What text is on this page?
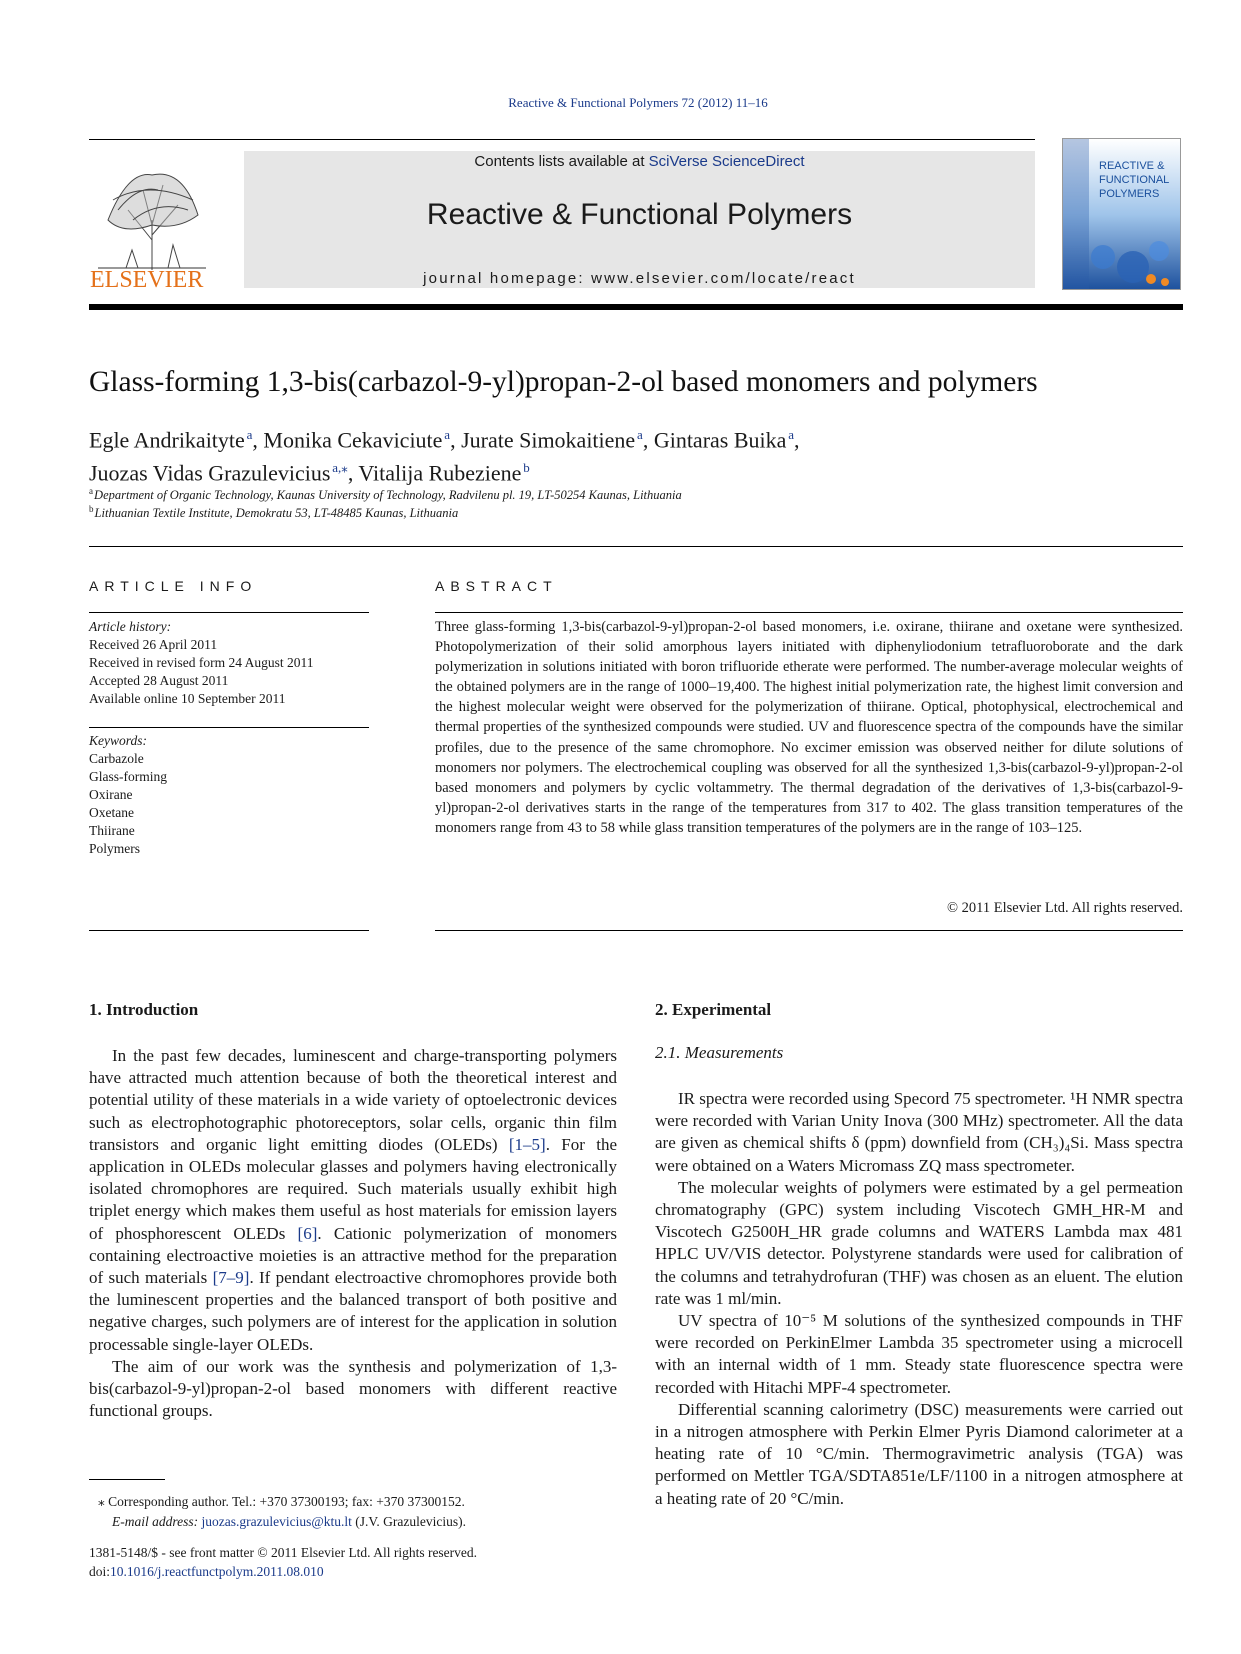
Reactive & Functional Polymers 72 (2012) 11–16
ELSEVIER
Contents lists available at SciVerse ScienceDirect
Reactive & Functional Polymers
journal homepage: www.elsevier.com/locate/react
REACTIVE &
FUNCTIONAL
POLYMERS
Glass-forming 1,3-bis(carbazol-9-yl)propan-2-ol based monomers and polymers
Egle Andrikaityte  $^a$, Monika Cekaviciute  $^a$, Jurate Simokaitiene  $^a$, Gintaras Buika  $^a$,
Juozas Vidas Grazulevicius  $^{a,⁎}$, Vitalija Rubeziene  $^b$
$^a$ Department of Organic Technology, Kaunas University of Technology, Radvilenu pl. 19, LT-50254 Kaunas, Lithuania
$^b$ Lithuanian Textile Institute, Demokratu 53, LT-48485 Kaunas, Lithuania
ARTICLE INFO
Article history:
Received 26 April 2011
Received in revised form 24 August 2011
Accepted 28 August 2011
Available online 10 September 2011
Keywords:
Carbazole
Glass-forming
Oxirane
Oxetane
Thiirane
Polymers
ABSTRACT
Three glass-forming 1,3-bis(carbazol-9-yl)propan-2-ol based monomers, i.e. oxirane, thiirane and oxetane were synthesized. Photopolymerization of their solid amorphous layers initiated with diphenyliodonium tetrafluoroborate and the dark polymerization in solutions initiated with boron trifluoride etherate were performed. The number-average molecular weights of the obtained polymers are in the range of 1000–19,400. The highest initial polymerization rate, the highest limit conversion and the highest molecular weight were observed for the polymerization of thiirane. Optical, photophysical, electrochemical and thermal properties of the synthesized compounds were studied. UV and fluorescence spectra of the compounds have the similar profiles, due to the presence of the same chromophore. No excimer emission was observed neither for dilute solutions of monomers nor polymers. The electrochemical coupling was observed for all the synthesized 1,3-bis(carbazol-9-yl)propan-2-ol based monomers and polymers by cyclic voltammetry. The thermal degradation of the derivatives of 1,3-bis(carbazol-9-yl)propan-2-ol derivatives starts in the range of the temperatures from 317 to 402. The glass transition temperatures of the monomers range from 43 to 58 while glass transition temperatures of the polymers are in the range of 103–125.
© 2011 Elsevier Ltd. All rights reserved.
1. Introduction

In the past few decades, luminescent and charge-transporting polymers have attracted much attention because of both the theoretical interest and potential utility of these materials in a wide variety of optoelectronic devices such as electrophotographic photoreceptors, solar cells, organic thin film transistors and organic light emitting diodes (OLEDs) [1–5]. For the application in OLEDs molecular glasses and polymers having electronically isolated chromophores are required. Such materials usually exhibit high triplet energy which makes them useful as host materials for emission layers of phosphorescent OLEDs [6]. Cationic polymerization of monomers containing electroactive moieties is an attractive method for the preparation of such materials [7–9]. If pendant electroactive chromophores provide both the luminescent properties and the balanced transport of both positive and negative charges, such polymers are of interest for the application in solution processable single-layer OLEDs.

The aim of our work was the synthesis and polymerization of 1,3-bis(carbazol-9-yl)propan-2-ol based monomers with different reactive functional groups.

⁎ Corresponding author. Tel.: +370 37300193; fax: +370 37300152.
E-mail address: juozas.grazulevicius@ktu.lt (J.V. Grazulevicius).
1381-5148/$ - see front matter © 2011 Elsevier Ltd. All rights reserved.
doi:10.1016/j.reactfunctpolym.2011.08.010
2. Experimental
2.1. Measurements

IR spectra were recorded using Specord 75 spectrometer. ¹H NMR spectra were recorded with Varian Unity Inova (300 MHz) spectrometer. All the data are given as chemical shifts δ (ppm) downfield from (CH₃)₄Si. Mass spectra were obtained on a Waters Micromass ZQ mass spectrometer.

The molecular weights of polymers were estimated by a gel permeation chromatography (GPC) system including Viscotech GMH_HR-M and Viscotech G2500H_HR grade columns and WATERS Lambda max 481 HPLC UV/VIS detector. Polystyrene standards were used for calibration of the columns and tetrahydrofuran (THF) was chosen as an eluent. The elution rate was 1 ml/min.

UV spectra of 10⁻⁵ M solutions of the synthesized compounds in THF were recorded on PerkinElmer Lambda 35 spectrometer using a microcell with an internal width of 1 mm. Steady state fluorescence spectra were recorded with Hitachi MPF-4 spectrometer.

Differential scanning calorimetry (DSC) measurements were carried out in a nitrogen atmosphere with Perkin Elmer Pyris Diamond calorimeter at a heating rate of 10 °C/min. Thermogravimetric analysis (TGA) was performed on Mettler TGA/SDTA851e/LF/1100 in a nitrogen atmosphere at a heating rate of 20 °C/min.
